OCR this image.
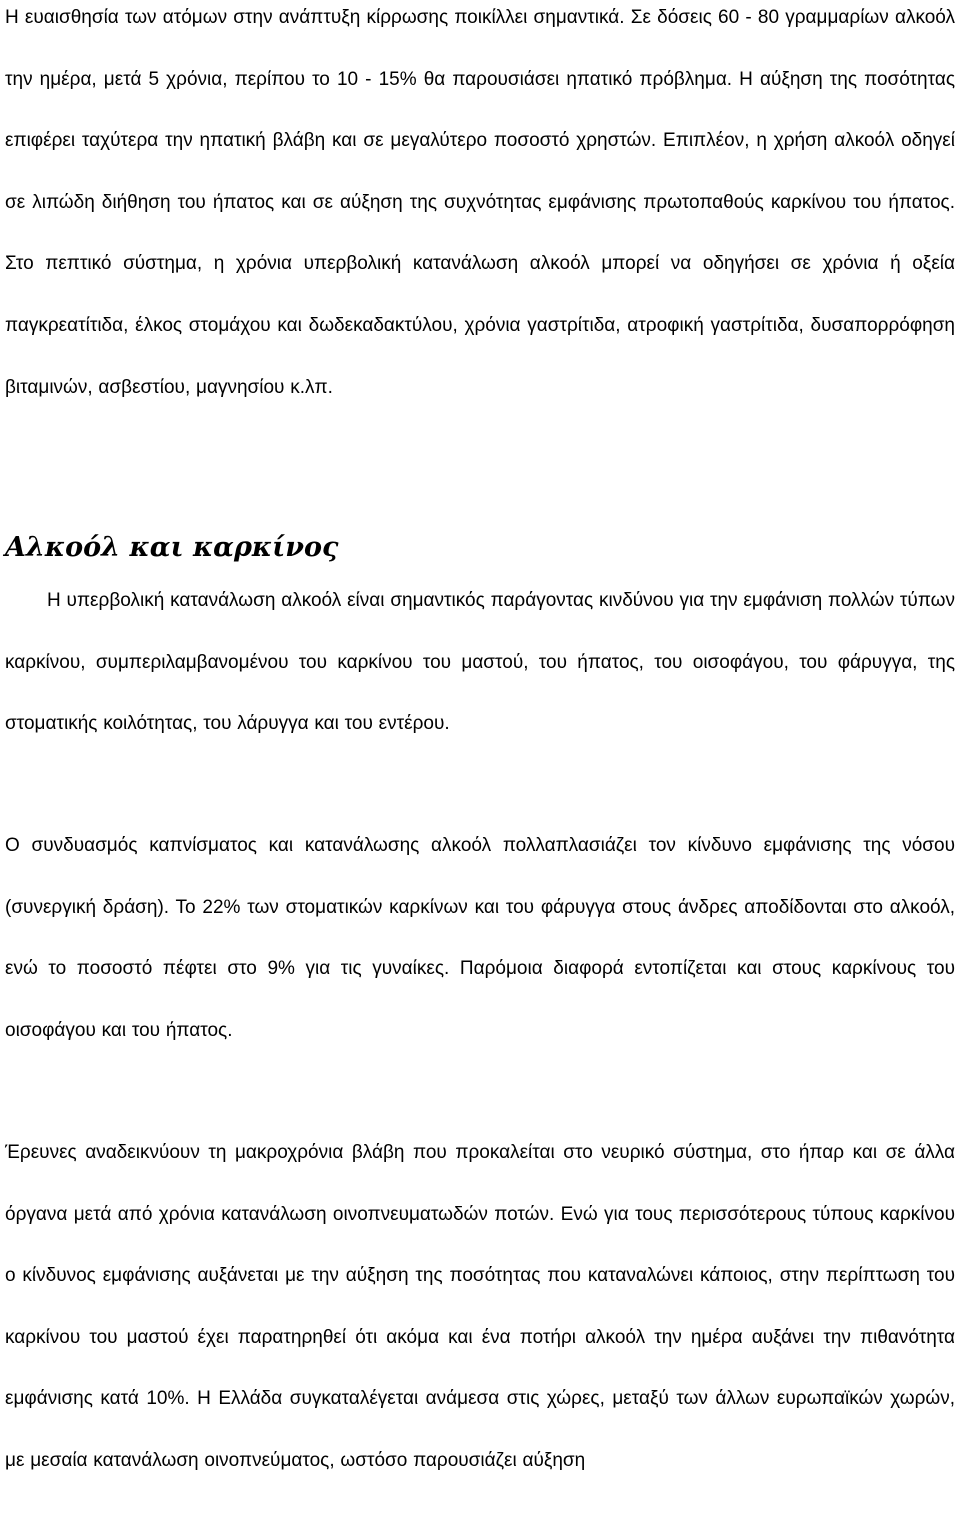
Η ευαισθησία των ατόμων στην ανάπτυξη κίρρωσης ποικίλλει σημαντικά. Σε δόσεις 60 - 80 γραμμαρίων αλκοόλ την ημέρα, μετά 5 χρόνια, περίπου το 10 - 15% θα παρουσιάσει ηπατικό πρόβλημα. Η αύξηση της ποσότητας επιφέρει ταχύτερα την ηπατική βλάβη και σε μεγαλύτερο ποσοστό χρηστών. Επιπλέον, η χρήση αλκοόλ οδηγεί σε λιπώδη διήθηση του ήπατος και σε αύξηση της συχνότητας εμφάνισης πρωτοπαθούς καρκίνου του ήπατος. Στο πεπτικό σύστημα, η χρόνια υπερβολική κατανάλωση αλκοόλ μπορεί να οδηγήσει σε χρόνια ή οξεία παγκρεατίτιδα, έλκος στομάχου και δωδεκαδακτύλου, χρόνια γαστρίτιδα, ατροφική γαστρίτιδα, δυσαπορρόφηση βιταμινών, ασβεστίου, μαγνησίου κ.λπ.

Αλκοόλ και καρκίνος

Η υπερβολική κατανάλωση αλκοόλ είναι σημαντικός παράγοντας κινδύνου για την εμφάνιση πολλών τύπων καρκίνου, συμπεριλαμβανομένου του καρκίνου του μαστού, του ήπατος, του οισοφάγου, του φάρυγγα, της στοματικής κοιλότητας, του λάρυγγα και του εντέρου.

Ο συνδυασμός καπνίσματος και κατανάλωσης αλκοόλ πολλαπλασιάζει τον κίνδυνο εμφάνισης της νόσου (συνεργική δράση). Το 22% των στοματικών καρκίνων και του φάρυγγα στους άνδρες αποδίδονται στο αλκοόλ, ενώ το ποσοστό πέφτει στο 9% για τις γυναίκες. Παρόμοια διαφορά εντοπίζεται και στους καρκίνους του οισοφάγου και του ήπατος.

Έρευνες αναδεικνύουν τη μακροχρόνια βλάβη που προκαλείται στο νευρικό σύστημα, στο ήπαρ και σε άλλα όργανα μετά από χρόνια κατανάλωση οινοπνευματωδών ποτών. Ενώ για τους περισσότερους τύπους καρκίνου ο κίνδυνος εμφάνισης αυξάνεται με την αύξηση της ποσότητας που καταναλώνει κάποιος, στην περίπτωση του καρκίνου του μαστού έχει παρατηρηθεί ότι ακόμα και ένα ποτήρι αλκοόλ την ημέρα αυξάνει την πιθανότητα εμφάνισης κατά 10%. Η Ελλάδα συγκαταλέγεται ανάμεσα στις χώρες, μεταξύ των άλλων ευρωπαϊκών χωρών, με μεσαία κατανάλωση οινοπνεύματος, ωστόσο παρουσιάζει αύξηση
